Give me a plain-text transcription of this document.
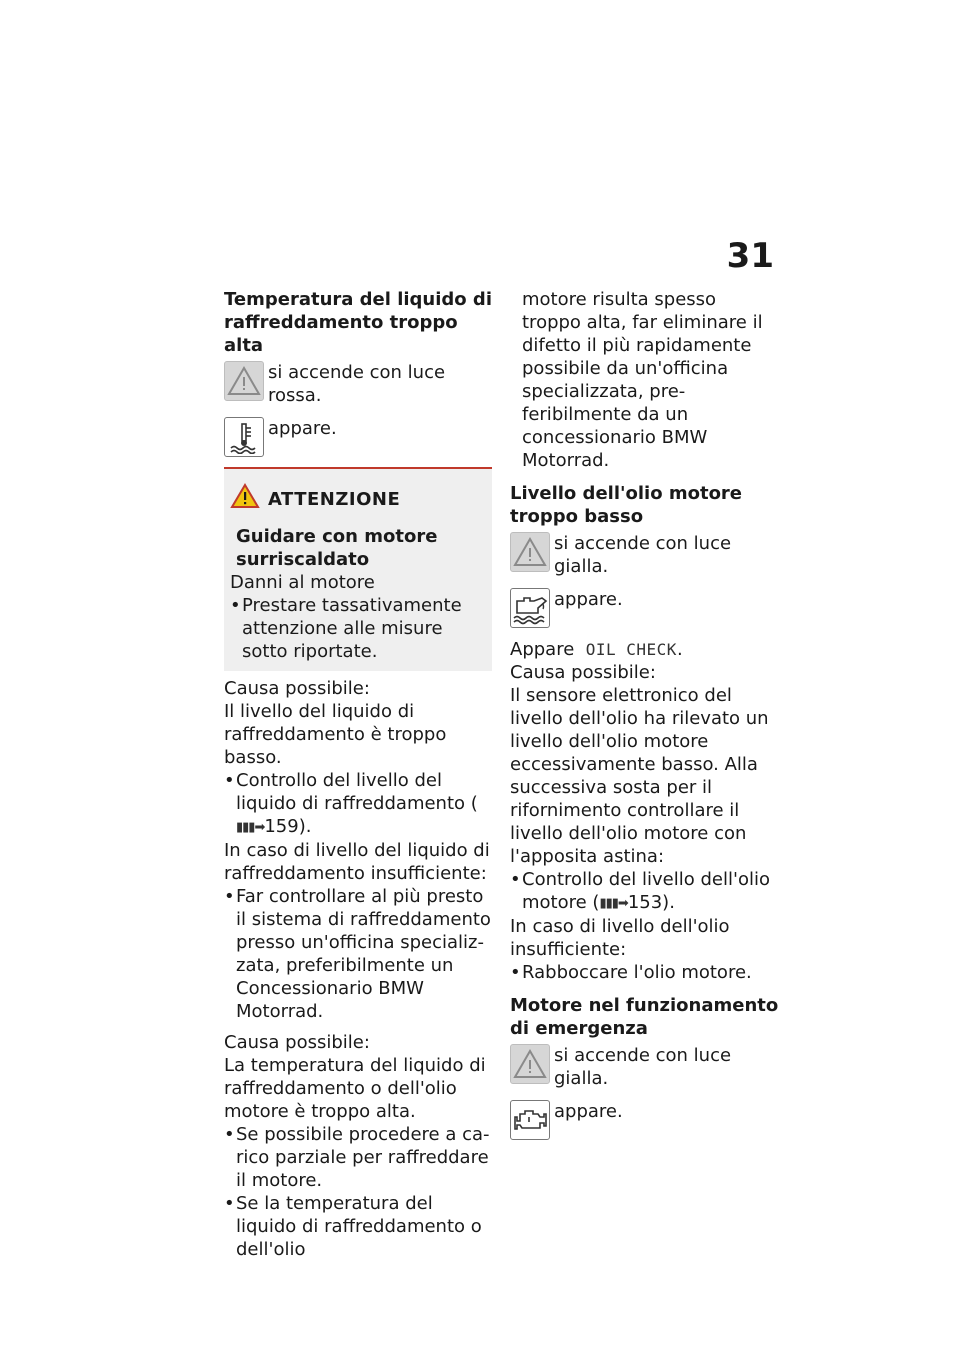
31
Temperatura del liquido di raffreddamento troppo alta
si accende con luce rossa.
appare.
ATTENZIONE

Guidare con motore surriscaldato

Danni al motore

• Prestare tassativamente attenzione alle misure sotto riportate.

Causa possibile:

Il livello del liquido di raffreddamento è troppo basso.

• Controllo del livello del liquido di raffreddamento (▮▮▮➡159).

In caso di livello del liquido di raffreddamento insufficiente:

• Far controllare al più presto il sistema di raffreddamento presso un'officina specializzata, preferibilmente un Concessionario BMW Motorrad.

Causa possibile:

La temperatura del liquido di raffreddamento o dell'olio motore è troppo alta.

• Se possibile procedere a carico parziale per raffreddare il motore.
• Se la temperatura del liquido di raffreddamento o dell'olio
• motore risulta spesso troppo alta, far eliminare il difetto il più rapidamente possibile da un'officina specializzata, preferibilmente da un concessionario BMW Motorrad.
Livello dell'olio motore troppo basso
si accende con luce gialla.
appare.

Appare OIL CHECK.

Causa possibile:

Il sensore elettronico del livello dell'olio ha rilevato un livello dell'olio motore eccessivamente basso. Alla successiva sosta per il rifornimento controllare il livello dell'olio motore con l'apposita astina:

• Controllo del livello dell'olio motore (▮▮▮➡153).

In caso di livello dell'olio insufficiente:

• Rabboccare l'olio motore.
Motore nel funzionamento di emergenza
si accende con luce gialla.
appare.
